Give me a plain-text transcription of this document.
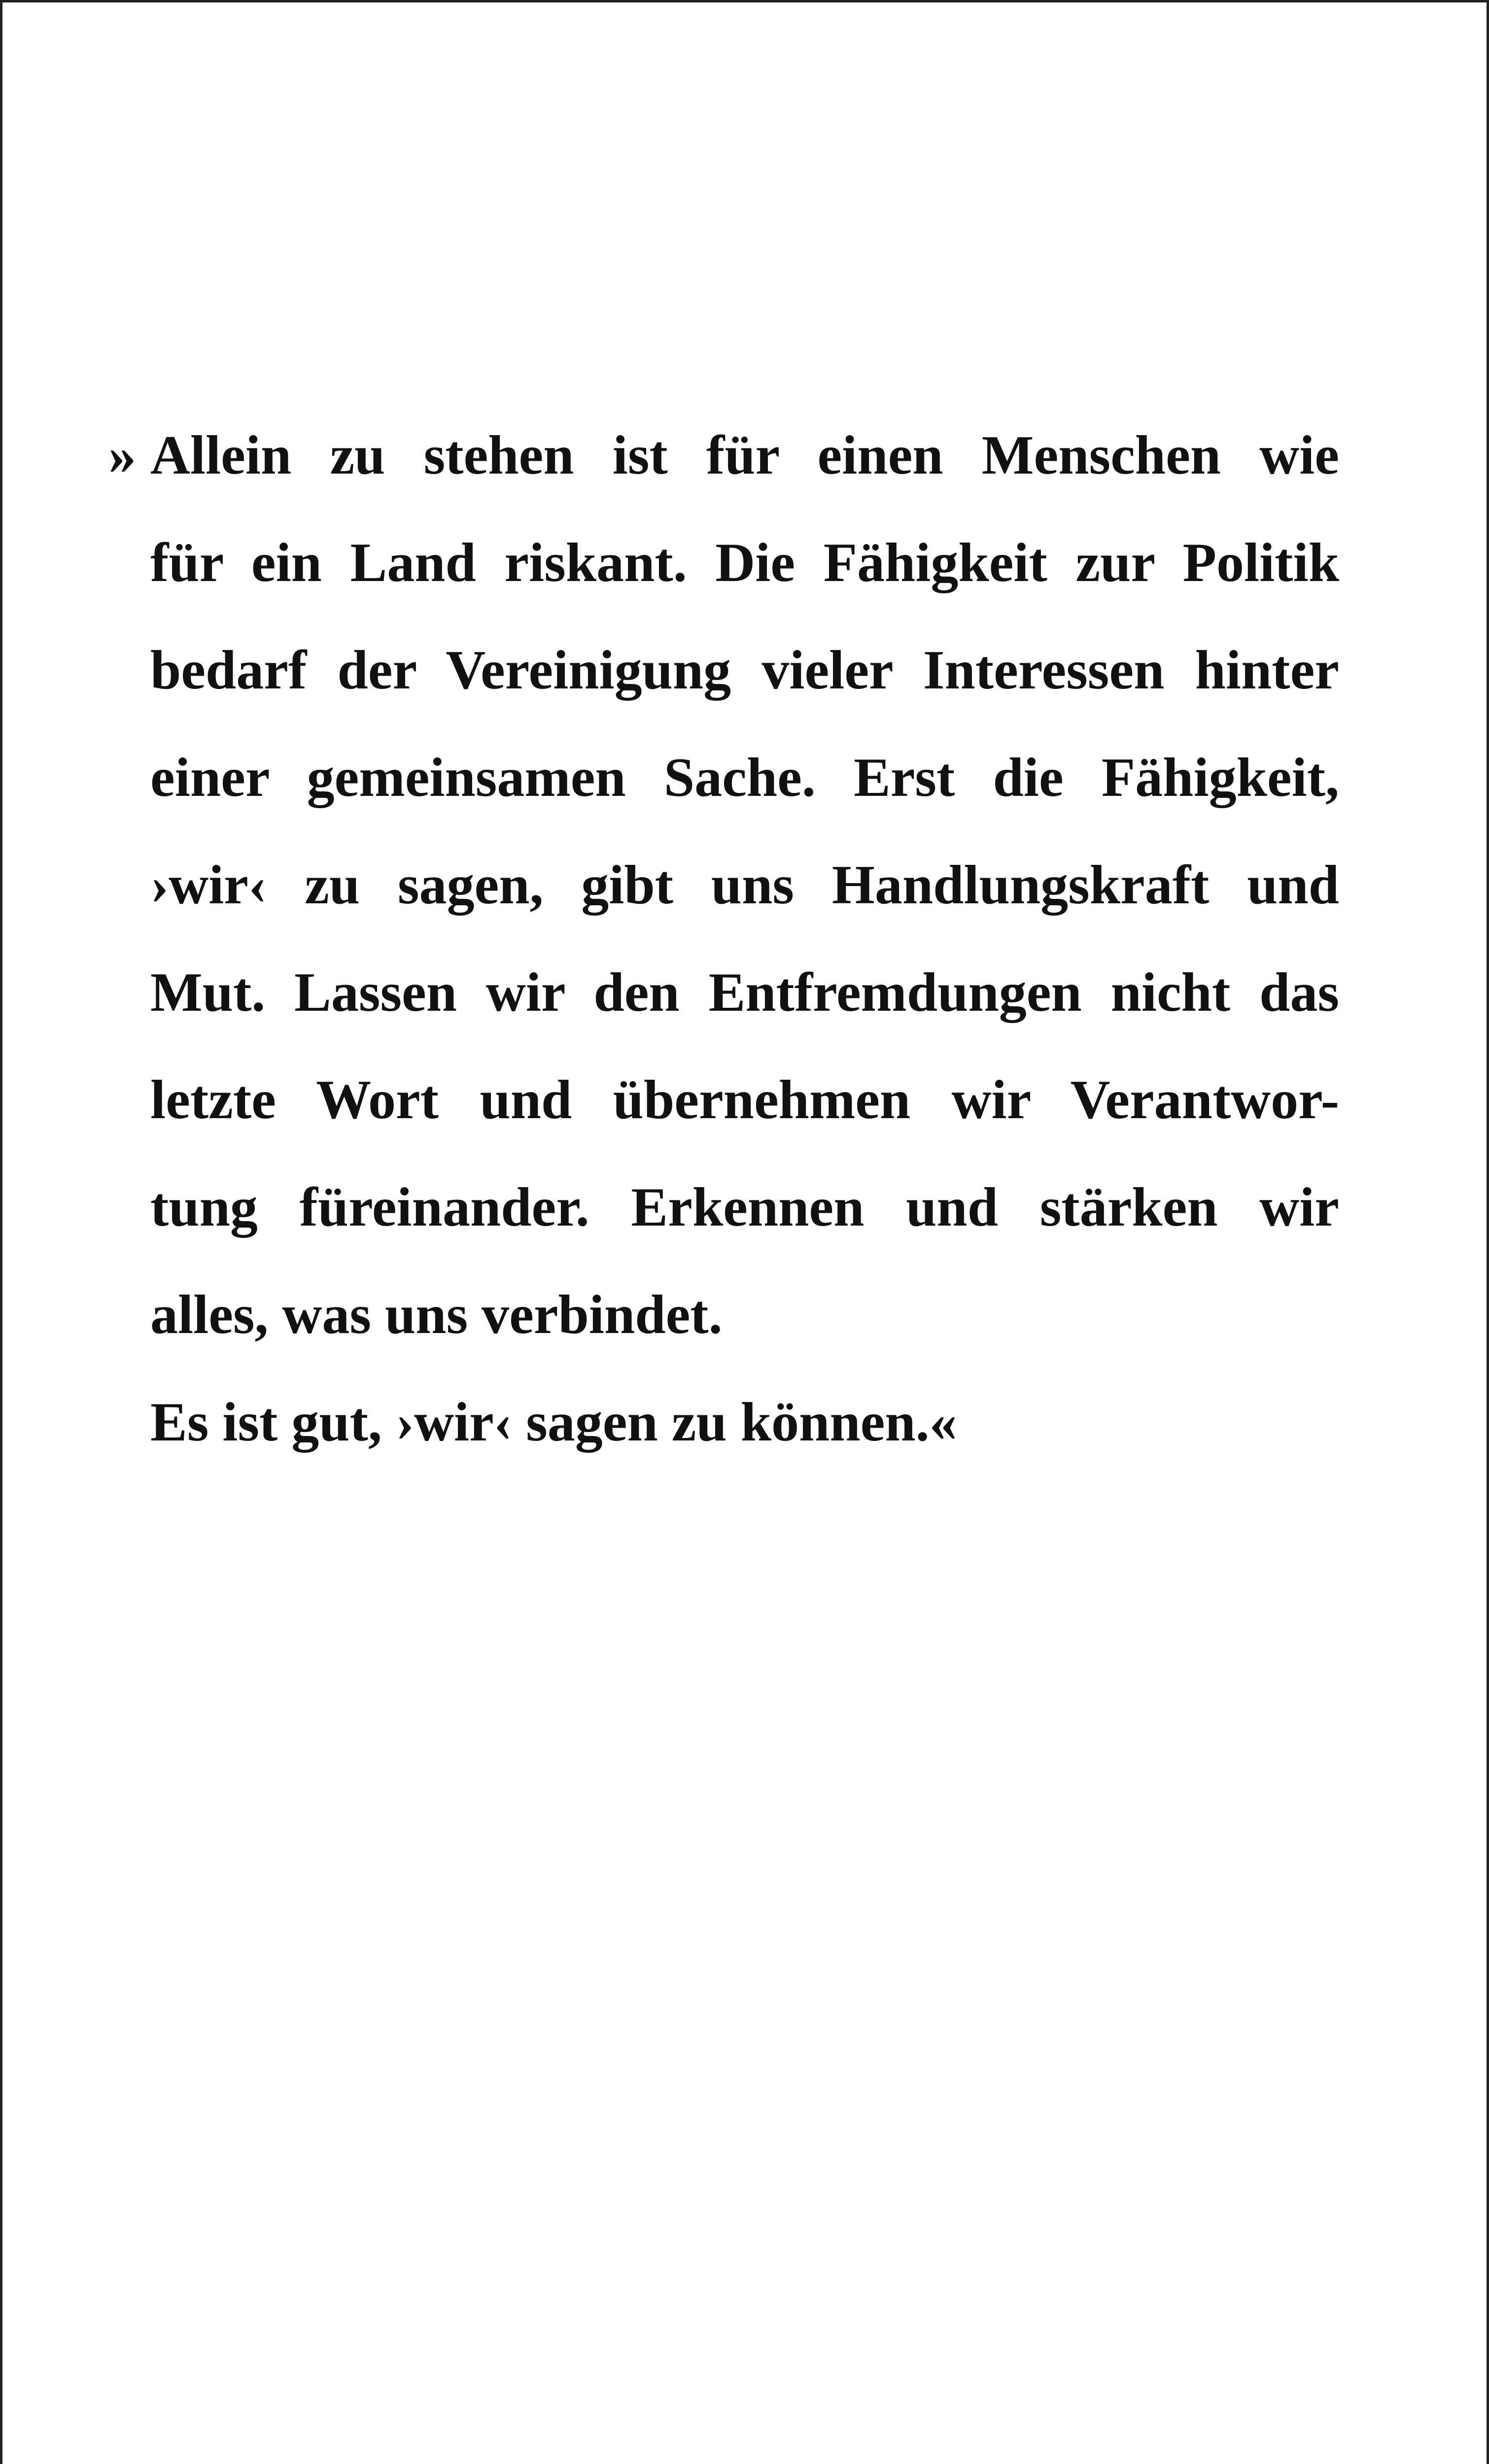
» Allein zu stehen ist für einen Menschen wie
für ein Land riskant. Die Fähigkeit zur Politik
bedarf der Vereinigung vieler Interessen hinter
einer gemeinsamen Sache. Erst die Fähigkeit,
›wir‹ zu sagen, gibt uns Handlungskraft und
Mut. Lassen wir den Entfremdungen nicht das
letzte Wort und übernehmen wir Verantwor-
tung füreinander. Erkennen und stärken wir
alles, was uns verbindet.
Es ist gut, ›wir‹ sagen zu können.«
